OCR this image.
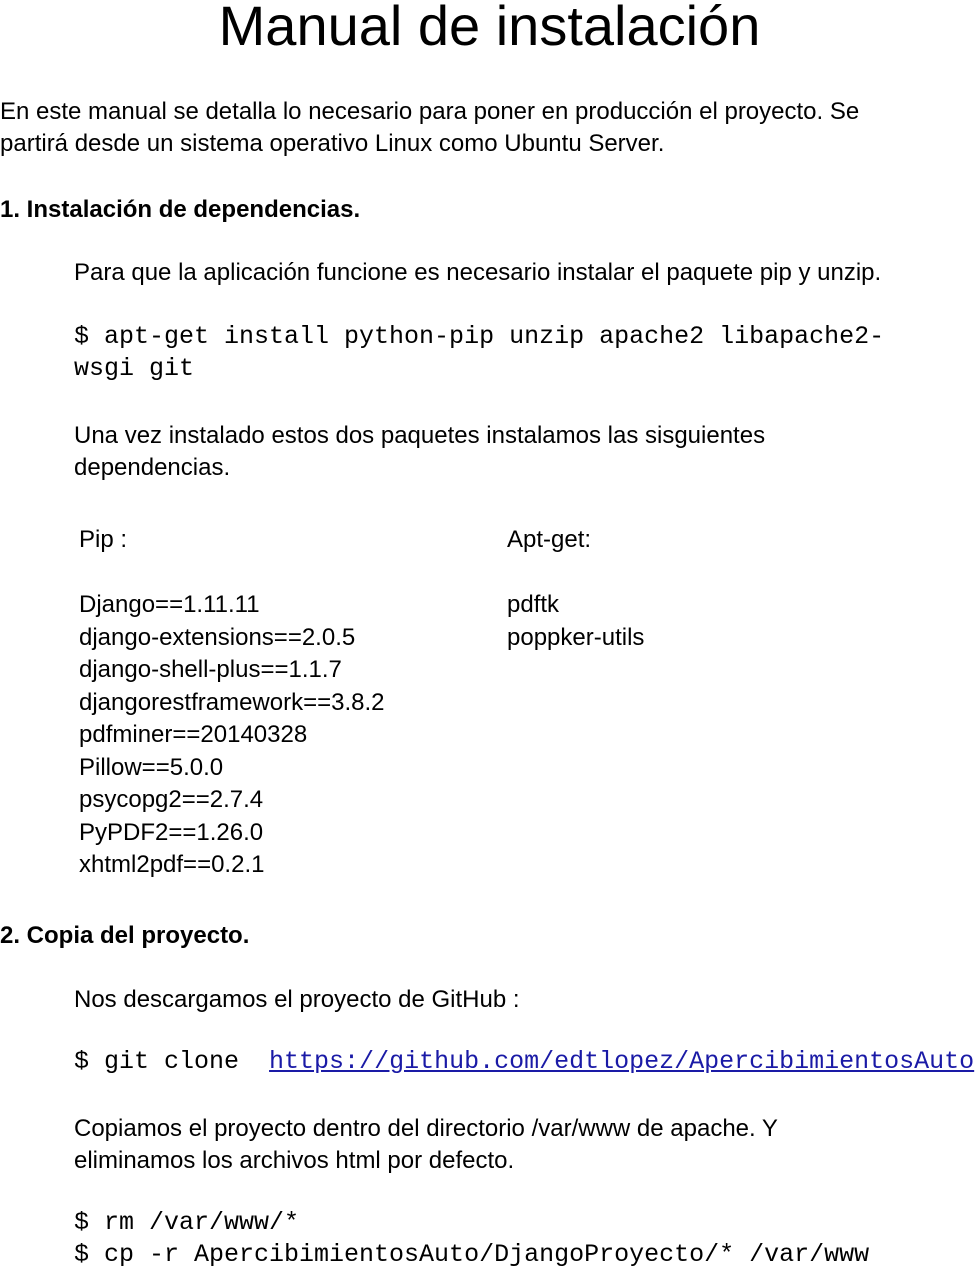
Manual de instalación
En este manual se detalla lo necesario para poner en producción el proyecto. Se
partirá desde un sistema operativo Linux como Ubuntu Server.
1. Instalación de dependencias.
Para que la aplicación funcione es necesario instalar el paquete pip y unzip.
$ apt-get install python-pip unzip apache2 libapache2-
wsgi git
Una vez instalado estos dos paquetes instalamos las sisguientes
dependencias.
Pip :
Django==1.11.11
django-extensions==2.0.5
django-shell-plus==1.1.7
djangorestframework==3.8.2
pdfminer==20140328
Pillow==5.0.0
psycopg2==2.7.4
PyPDF2==1.26.0
xhtml2pdf==0.2.1
Apt-get:
pdftk
poppker-utils
2. Copia del proyecto.
Nos descargamos el proyecto de GitHub :
$ git clone  https://github.com/edtlopez/ApercibimientosAuto
Copiamos el proyecto dentro del directorio /var/www de apache. Y
eliminamos los archivos html por defecto.
$ rm /var/www/*
$ cp -r ApercibimientosAuto/DjangoProyecto/* /var/www
